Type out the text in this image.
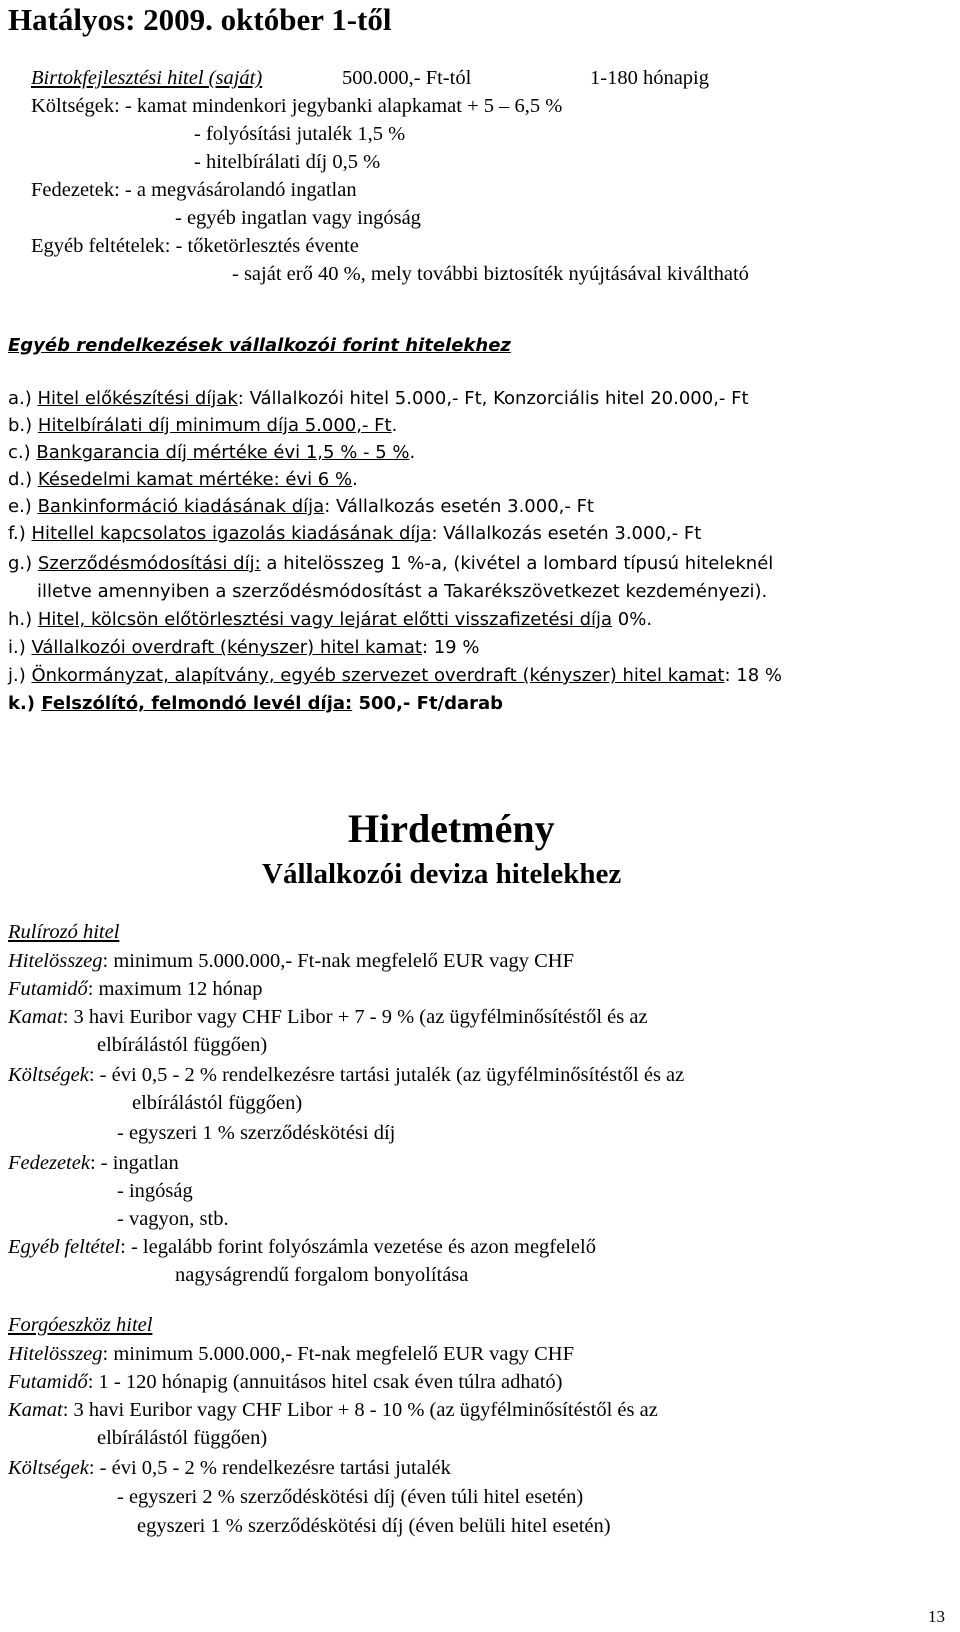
Hatályos: 2009. október 1-től
Birtokfejlesztési hitel (saját)	500.000,- Ft-tól	1-180 hónapig
Költségek: - kamat mindenkori jegybanki alapkamat + 5 – 6,5 %
- folyósítási jutalék 1,5 %
- hitelbírálati díj 0,5 %
Fedezetek: - a megvásárolandó ingatlan
- egyéb ingatlan vagy ingóság
Egyéb feltételek: - tőketörlesztés évente
- saját erő 40 %, mely további biztosíték nyújtásával kiváltható
Egyéb rendelkezések vállalkozói forint hitelekhez
a.) Hitel előkészítési díjak: Vállalkozói hitel 5.000,- Ft, Konzorciális hitel 20.000,- Ft
b.) Hitelbírálati díj minimum díja 5.000,- Ft.
c.) Bankgarancia díj mértéke évi 1,5 % - 5 %.
d.) Késedelmi kamat mértéke: évi 6 %.
e.) Bankinformáció kiadásának díja: Vállalkozás esetén 3.000,- Ft
f.) Hitellel kapcsolatos igazolás kiadásának díja: Vállalkozás esetén 3.000,- Ft
g.) Szerződésmódosítási díj: a hitelösszeg 1 %-a, (kivétel a lombard típusú hiteleknél
illetve amennyiben a szerződésmódosítást a Takarékszövetkezet kezdeményezi).
h.) Hitel, kölcsön előtörlesztési vagy lejárat előtti visszafizetési díja 0%.
i.) Vállalkozói overdraft (kényszer) hitel kamat: 19 %
j.) Önkormányzat, alapítvány, egyéb szervezet overdraft (kényszer) hitel kamat: 18 %
k.) Felszólító, felmondó levél díja: 500,- Ft/darab
Hirdetmény
Vállalkozói deviza hitelekhez
Rulírozó hitel
Hitelösszeg: minimum 5.000.000,- Ft-nak megfelelő EUR vagy CHF
Futamidő: maximum 12 hónap
Kamat: 3 havi Euribor vagy CHF Libor + 7 - 9 % (az ügyfélminősítéstől és az
elbírálástól függően)
Költségek: - évi 0,5 - 2 % rendelkezésre tartási jutalék (az ügyfélminősítéstől és az
elbírálástól függően)
- egyszeri 1 % szerződéskötési díj
Fedezetek: - ingatlan
- ingóság
- vagyon, stb.
Egyéb feltétel: - legalább forint folyószámla vezetése és azon megfelelő
nagyságrendű forgalom bonyolítása
Forgóeszköz hitel
Hitelösszeg: minimum 5.000.000,- Ft-nak megfelelő EUR vagy CHF
Futamidő: 1 - 120 hónapig (annuitásos hitel csak éven túlra adható)
Kamat: 3 havi Euribor vagy CHF Libor + 8 - 10 % (az ügyfélminősítéstől és az
elbírálástól függően)
Költségek: - évi 0,5 - 2 % rendelkezésre tartási jutalék
- egyszeri 2 % szerződéskötési díj (éven túli hitel esetén)
egyszeri 1 % szerződéskötési díj (éven belüli hitel esetén)
13
